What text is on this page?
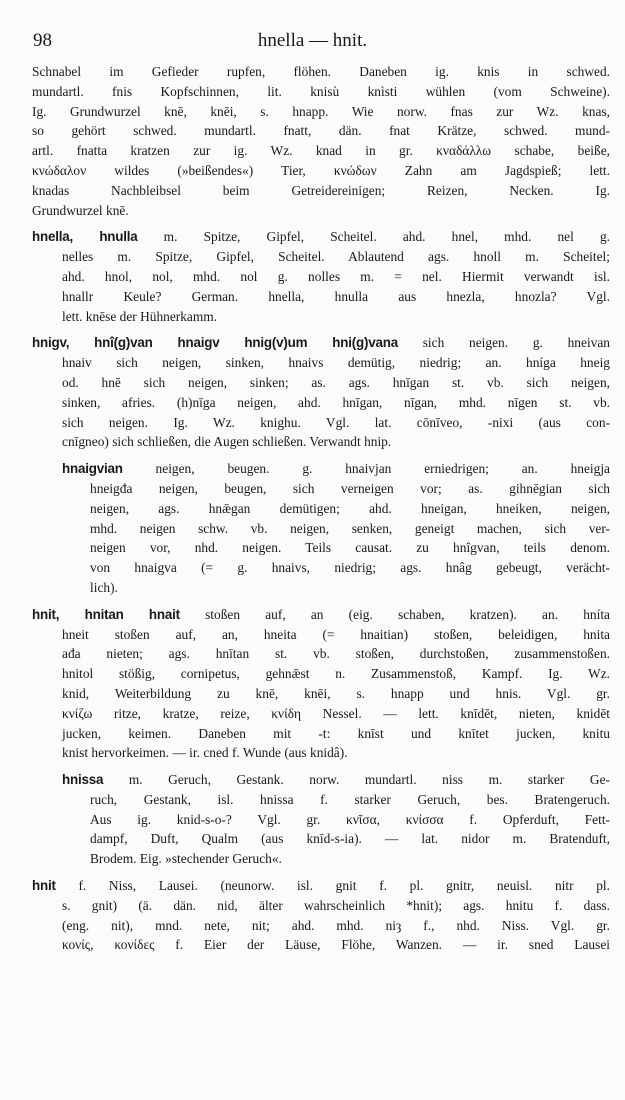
98	hnella — hnit.
Schnabel im Gefieder rupfen, flöhen. Daneben ig. knis in schwed.
mundartl. fnis Kopfschinnen, lit. knisù knìsti wühlen (vom Schweine).
Ig. Grundwurzel knē, knēi, s. hnapp. Wie norw. fnas zur Wz. knas,
so gehört schwed. mundartl. fnatt, dän. fnat Krätze, schwed. mund-
artl. fnatta kratzen zur ig. Wz. knad in gr. κναδάλλω schabe, beiße,
κνώδαλον wildes (»beißendes«) Tier, κνώδων Zahn am Jagdspieß; lett.
knadas Nachbleibsel beim Getreidereinigen; Reizen, Necken. Ig.
Grundwurzel knē.
hnella, hnulla m. Spitze, Gipfel, Scheitel. ahd. hnel, mhd. nel g.
nelles m. Spitze, Gipfel, Scheitel. Ablautend ags. hnoll m. Scheitel;
ahd. hnol, nol, mhd. nol g. nolles m. = nel. Hiermit verwandt isl.
hnallr Keule? German. hnella, hnulla aus hnezla, hnozla? Vgl.
lett. knēse der Hühnerkamm.
hnigv, hnî(g)van hnaigv hnig(v)um hni(g)vana sich neigen. g. hneivan
hnaiv sich neigen, sinken, hnaivs demütig, niedrig; an. hníga hneig
od. hnē sich neigen, sinken; as. ags. hnīgan st. vb. sich neigen,
sinken, afries. (h)nīga neigen, ahd. hnīgan, nīgan, mhd. nīgen st. vb.
sich neigen. Ig. Wz. knighu. Vgl. lat. cōnīveo, -nixi (aus con-
cnīgneo) sich schließen, die Augen schließen. Verwandt hnip.
hnaigvian neigen, beugen. g. hnaivjan erniedrigen; an. hneigja
hneigđa neigen, beugen, sich verneigen vor; as. gihnēgian sich
neigen, ags. hnǣgan demütigen; ahd. hneigan, hneiken, neigen,
mhd. neigen schw. vb. neigen, senken, geneigt machen, sich ver-
neigen vor, nhd. neigen. Teils causat. zu hnîgvan, teils denom.
von hnaigva (= g. hnaivs, niedrig; ags. hnâg gebeugt, verächt-
lich).
hnit, hnitan hnait stoßen auf, an (eig. schaben, kratzen). an. hníta
hneit stoßen auf, an, hneita (= hnaitian) stoßen, beleidigen, hnita
ađa nieten; ags. hnītan st. vb. stoßen, durchstoßen, zusammenstoßen.
hnitol stößig, cornipetus, gehnǣst n. Zusammenstoß, Kampf. Ig. Wz.
knid, Weiterbildung zu knē, knēi, s. hnapp und hnis. Vgl. gr.
κνίζω ritze, kratze, reize, κνίδη Nessel. — lett. knīdēt, nieten, knidēt
jucken, keimen. Daneben mit -t: knīst und knītet jucken, knitu
knist hervorkeimen. — ir. cned f. Wunde (aus knidâ).
hnissa m. Geruch, Gestank. norw. mundartl. niss m. starker Ge-
ruch, Gestank, isl. hnissa f. starker Geruch, bes. Bratengeruch.
Aus ig. knid-s-o-? Vgl. gr. κνῖσα, κνίσσα f. Opferduft, Fett-
dampf, Duft, Qualm (aus knīd-s-ia). — lat. nidor m. Bratenduft,
Brodem. Eig. »stechender Geruch«.
hnit f. Niss, Lausei. (neunorw. isl. gnit f. pl. gnitr, neuisl. nitr pl.
s. gnit) (ä. dän. nid, älter wahrscheinlich *hnit); ags. hnitu f. dass.
(eng. nit), mnd. nete, nit; ahd. mhd. niȝ f., nhd. Niss. Vgl. gr.
κονίς, κονίδες f. Eier der Läuse, Flöhe, Wanzen. — ir. sned Lausei
